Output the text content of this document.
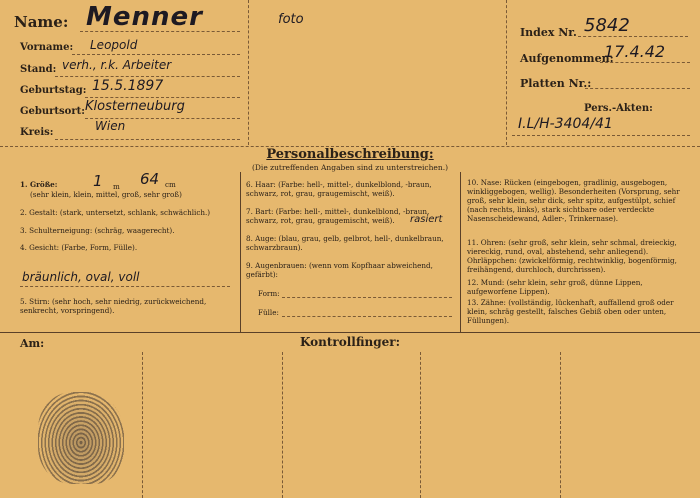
Name: Menner
Vorname: Leopold
Stand: verh., r.k. Arbeiter
Geburtstag: 15.5.1897
Geburtsort: Klosterneuburg
Kreis:	Wien
foto
Index Nr. 5842
Aufgenommen:
17.4.42
Platten Nr.:
Pers.-Akten:
I.L/H-3404/41
Personalbeschreibung:
(Die zutreffenden Angaben sind zu unterstreichen.)
1. Größe: 1 m 64 cm
(sehr klein, klein, mittel, groß, sehr groß)
2. Gestalt: (stark, untersetzt, schlank, schwächlich.)
3. Schulterneigung: (schräg, waagerecht).
4. Gesicht: (Farbe, Form, Fülle).
bräunlich, oval, voll
5. Stirn: (sehr hoch, sehr niedrig, zurückweichend, senkrecht, vorspringend).
6. Haar: (Farbe: hell-, mittel-, dunkelblond, -braun, schwarz, rot, grau, graugemischt, weiß).
7. Bart: (Farbe: hell-, mittel-, dunkelblond, -braun, schwarz, rot, grau, graugemischt, weiß).	rasiert
8. Auge: (blau, grau, gelb, gelbrot, hell-, dunkelbraun, schwarzbraun).
9. Augenbrauen: (wenn vom Kopfhaar abweichend, gefärbt):
Form:
Fülle:
10. Nase: Rücken (eingebogen, gradlinig, ausgebogen, winkliggebogen, wellig). Besonderheiten (Vorsprung, sehr groß, sehr klein, sehr dick, sehr spitz, aufgestülpt, schief (nach rechts, links), stark sichtbare oder verdeckte Nasenscheidewand, Adler-, Trinkernase).
11. Ohren: (sehr groß, sehr klein, sehr schmal, dreieckig, viereckig, rund, oval, abstehend, sehr anliegend). Ohrläppchen: (zwickelförmig, rechtwinklig, bogenförmig, freihängend, durchloch, durchrissen).
12. Mund: (sehr klein, sehr groß, dünne Lippen, aufgeworfene Lippen).
13. Zähne: (vollständig, lückenhaft, auffallend groß oder klein, schräg gestellt, falsches Gebiß oben oder unten, Füllungen).
Am:	Kontrollfinger:
